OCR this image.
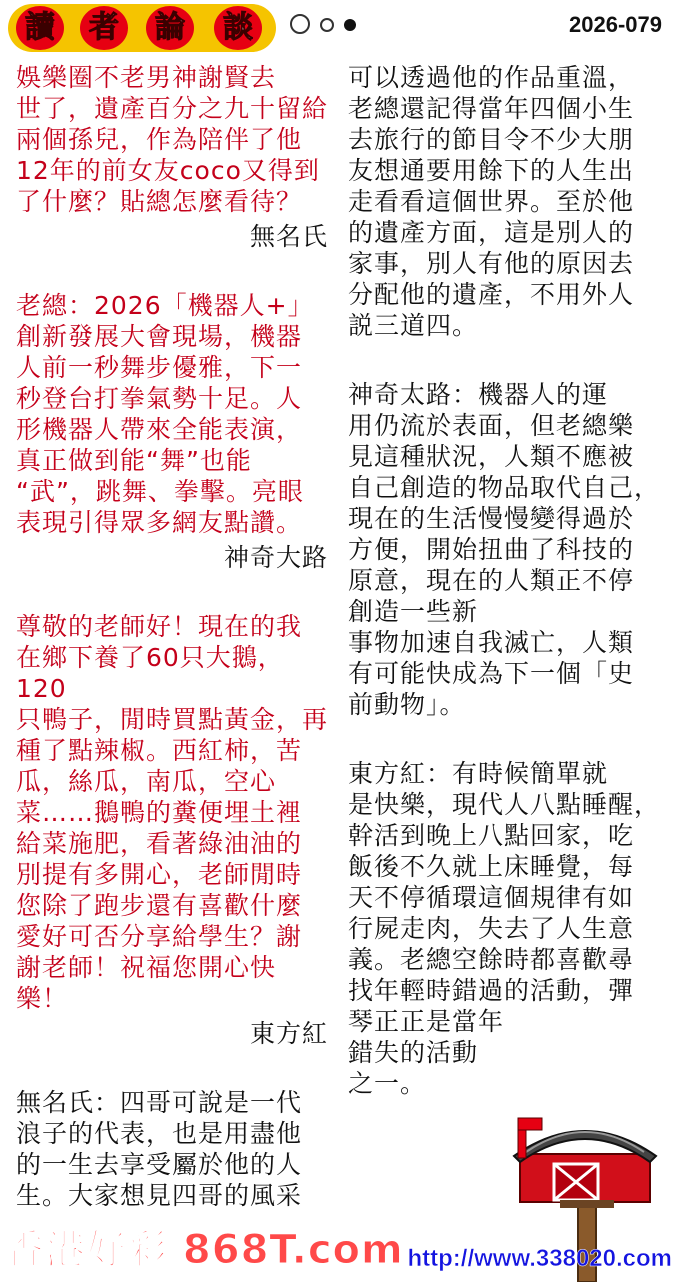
讀	者	論	談	2026-079

娛樂圈不老男神謝賢去
世了，遺產百分之九十留給
兩個孫兒，作為陪伴了他
12年的前女友coco又得到
了什麼？貼總怎麼看待？

無名氏

老總：2026「機器人+」
創新發展大會現場，機器
人前一秒舞步優雅，下一
秒登台打拳氣勢十足。人
形機器人帶來全能表演，
真正做到能“舞”也能
“武”，跳舞、拳擊。亮眼
表現引得眾多網友點讚。

神奇大路

尊敬的老師好！現在的我
在鄉下養了60只大鵝，120
只鴨子，閒時買點黃金，再
種了點辣椒。西紅柿，苦
瓜，絲瓜，南瓜，空心
菜……鵝鴨的糞便埋土裡
給菜施肥，看著綠油油的
別提有多開心，老師閒時
您除了跑步還有喜歡什麼
愛好可否分享給學生？謝
謝老師！祝福您開心快
樂！

東方紅

無名氏：四哥可說是一代
浪子的代表，也是用盡他
的一生去享受屬於他的人
生。大家想見四哥的風采

可以透過他的作品重溫，
老總還記得當年四個小生
去旅行的節目令不少大朋
友想通要用餘下的人生出
走看看這個世界。至於他
的遺產方面，這是別人的
家事，別人有他的原因去
分配他的遺產，不用外人
説三道四。

神奇太路：機器人的運
用仍流於表面，但老總樂
見這種狀況，人類不應被
自己創造的物品取代自己，
現在的生活慢慢變得過於
方便，開始扭曲了科技的
原意，現在的人類正不停
創造一些新
事物加速自我滅亡，人類
有可能快成為下一個「史
前動物」。

東方紅：有時候簡單就
是快樂，現代人八點睡醒，
幹活到晚上八點回家，吃
飯後不久就上床睡覺，每
天不停循環這個規律有如
行屍走肉，失去了人生意
義。老總空餘時都喜歡尋
找年輕時錯過的活動，彈
琴正正是當年
錯失的活動
之一。

香港好彩 868T.com http://www.338020.com
